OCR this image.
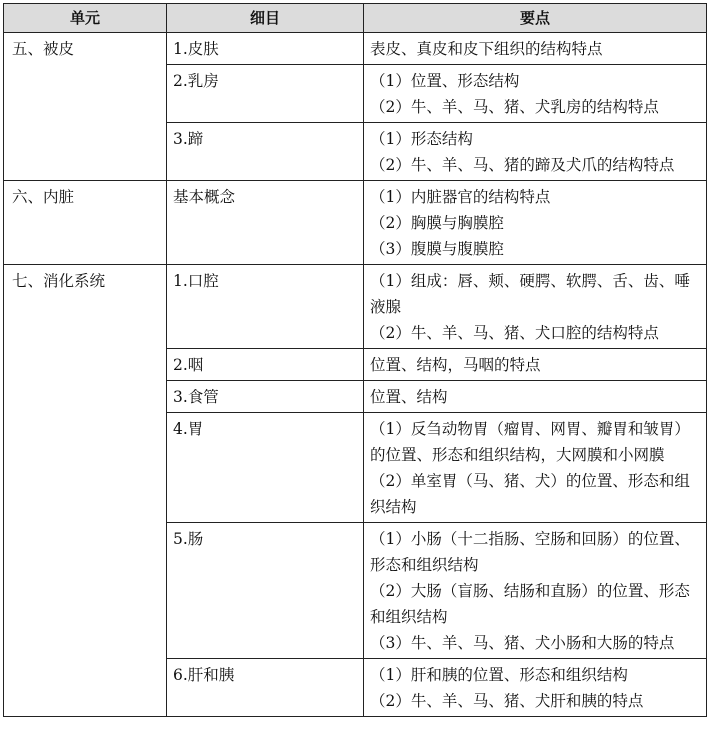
单元	细目	要点
五、被皮	1.皮肤	表皮、真皮和皮下组织的结构特点

	2.乳房	（1）位置、形态结构
（2）牛、羊、马、猪、犬乳房的结构特点

	3.蹄	（1）形态结构
（2）牛、羊、马、猪的蹄及犬爪的结构特点

六、内脏	基本概念	（1）内脏器官的结构特点
（2）胸膜与胸膜腔
（3）腹膜与腹膜腔

七、消化系统	1.口腔	（1）组成：唇、颊、硬腭、软腭、舌、齿、唾液腺
（2）牛、羊、马、猪、犬口腔的结构特点

	2.咽	位置、结构，马咽的特点

	3.食管	位置、结构

	4.胃	（1）反刍动物胃（瘤胃、网胃、瓣胃和皱胃）的位置、形态和组织结构，大网膜和小网膜
（2）单室胃（马、猪、犬）的位置、形态和组织结构

	5.肠	（1）小肠（十二指肠、空肠和回肠）的位置、形态和组织结构
（2）大肠（盲肠、结肠和直肠）的位置、形态和组织结构
（3）牛、羊、马、猪、犬小肠和大肠的特点

	6.肝和胰	（1）肝和胰的位置、形态和组织结构
（2）牛、羊、马、猪、犬肝和胰的特点
